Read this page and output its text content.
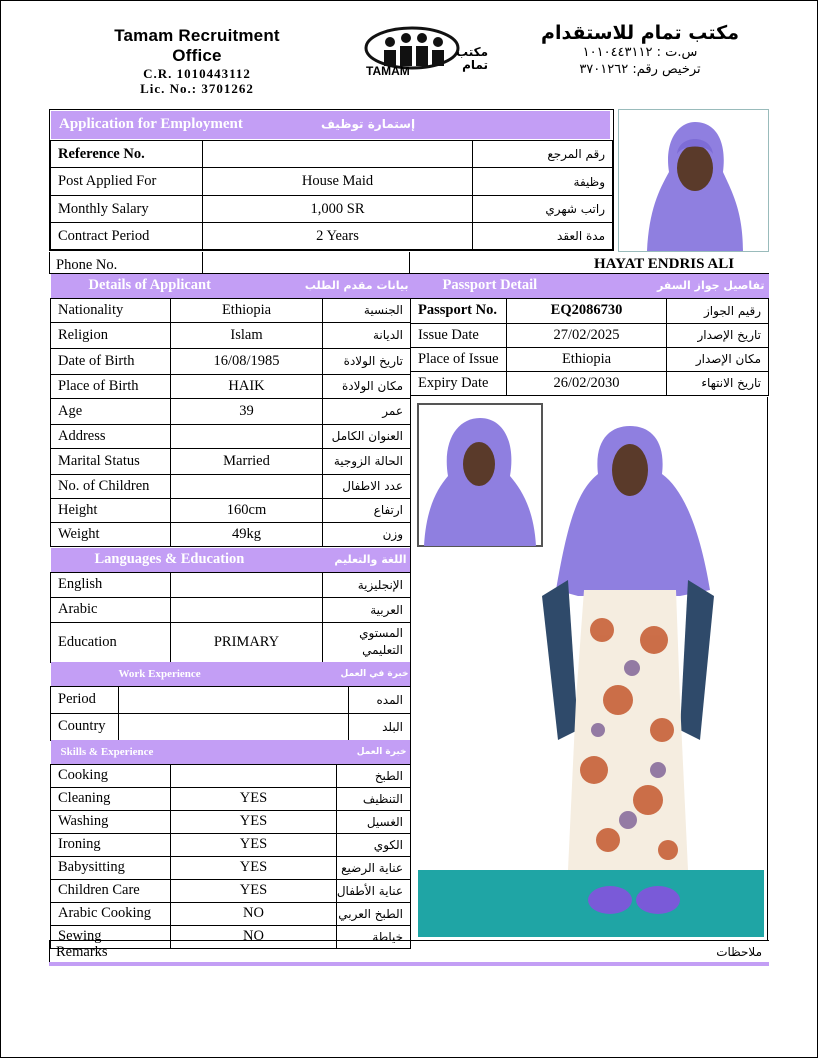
Tamam Recruitment Office
C.R. 1010443112
Lic. No.: 3701262
TAMAM
مكتب تمام
مكتب تمام للاستقدام
س.ت : ١٠١٠٤٤٣١١٢
ترخيص رقم: ٣٧٠١٢٦٢
Application for Employment	إستمارة توظيف
Reference No.		رقم المرجع
Post Applied For	House Maid	وظيفة
Monthly Salary	1,000 SR	راتب شهري
Contract Period	2 Years	مدة العقد
Phone No.	HAYAT ENDRIS ALI
Details of Applicant		بيانات مقدم الطلب
Nationality	Ethiopia	الجنسية
Religion	Islam	الديانة
Date of Birth	16/08/1985	تاريخ الولادة
Place of Birth	HAIK	مكان الولادة
Age	39	عمر
Address		العنوان الكامل
Marital Status	Married	الحالة الزوجية
No. of Children		عدد الاطفال
Height	160cm	ارتفاع
Weight	49kg	وزن
Languages & Education		اللغة والتعليم
English		الإنجليزية
Arabic		العربية
Education	PRIMARY	المستوي التعليمي
Work Experience		خبرة في العمل
Period		المده
Country		البلد
Skills & Experience		خبرة العمل
Cooking		الطبخ
Cleaning	YES	التنظيف
Washing	YES	الغسيل
Ironing	YES	الكوي
Babysitting	YES	عناية الرضيع
Children Care	YES	عناية الأطفال
Arabic Cooking	NO	الطبخ العربي
Sewing	NO	خياطة
Passport Detail		تفاصيل جواز السفر
Passport No.	EQ2086730	رقيم الجواز
Issue Date	27/02/2025	تاريخ الإصدار
Place of Issue	Ethiopia	مكان الإصدار
Expiry Date	26/02/2030	تاريخ الانتهاء
Remarks	ملاحظات
